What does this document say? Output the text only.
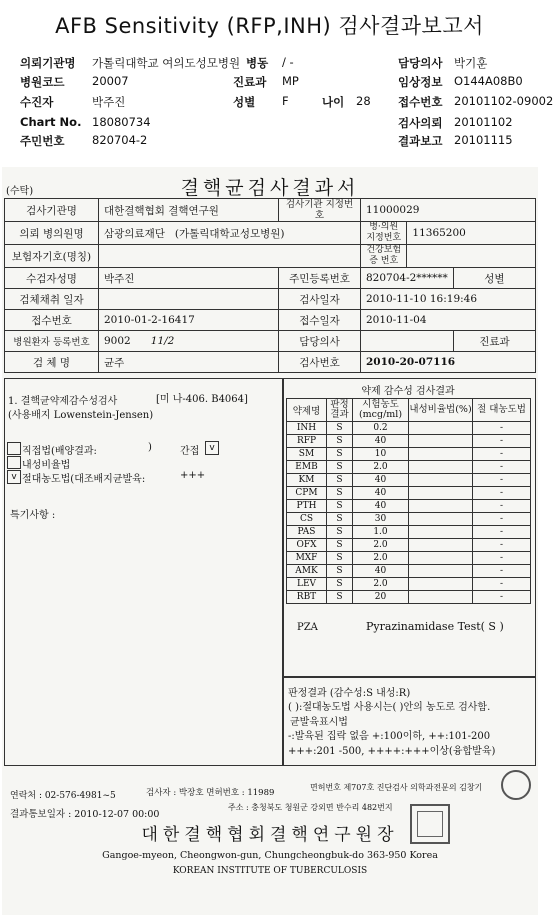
AFB Sensitivity (RFP,INH) 검사결과보고서
의뢰기관명 가톨릭대학교 여의도성모병원 병동 / -	담당의사 박기훈
병원코드 20007	진료과 MP	임상정보 O144A08B0
수진자	박주진	성별 F	나이 28 접수번호 20101102-09002
Chart No. 18080734	검사의뢰 20101102
주민번호 820704-2	결과보고 20101115
(수탁)	결핵균검사결과서
검사기관명	대한결핵협회 결핵연구원	검사기관 지정번호	11000029		
의뢰 병의원명	삼광의료재단 (가톨릭대학교성모병원)		병·의원 지정번호	11365200	
보험자기호(명칭)			건강보험 증 번호		
수검자성명	박주진	주민등록번호	820704-2******		성별
검체채취 일자		검사일자	2010-11-10 16:19:46		
접수번호	2010-01-2-16417	접수일자	2010-11-04		
병원환자 등록번호	9002 11/2	담당의사			진료과
검 체 명	균주	검사번호	2010-20-07116		
1. 결핵균약제감수성검사	[미 나-406. B4064]
(사용배지 Lowenstein-Jensen)
직접법(배양결과:	)	간접	v
내성비율법
v 절대농도법(대조배지균발육:	+++
특기사항 :
약제 감수성 검사결과
약제명	판정결과	시험농도(mcg/ml)	내성비율법(%)	절 대농도법
INH	S	0.2		-
RFP	S	40		-
SM	S	10		-
EMB	S	2.0		-
KM	S	40		-
CPM	S	40		-
PTH	S	40		-
CS	S	30		-
PAS	S	1.0		-
OFX	S	2.0		-
MXF	S	2.0		-
AMK	S	40		-
LEV	S	2.0		-
RBT	S	20		-
PZA	Pyrazinamidase Test( S )
판정결과 (감수성:S 내성:R)
( ):절대농도법 사용시는( )안의 농도로 검사함.
균발육표시법
-:발육된 집락 없음 +:100이하, ++:101-200
+++:201 -500, ++++:+++이상(융합발육)
연락처 : 02-576-4981~5	검사자 : 박장호 면허번호 : 11989
면허번호 제707호 진단검사 의학과전문의 김창기
결과통보일자 : 2010-12-07 00:00
주소 : 충청북도 청원군 강외면 반수리 482번지
대한결핵협회결핵연구원장
Gangoe-myeon, Cheongwon-gun, Chungcheongbuk-do 363-950 Korea
KOREAN INSTITUTE OF TUBERCULOSIS
